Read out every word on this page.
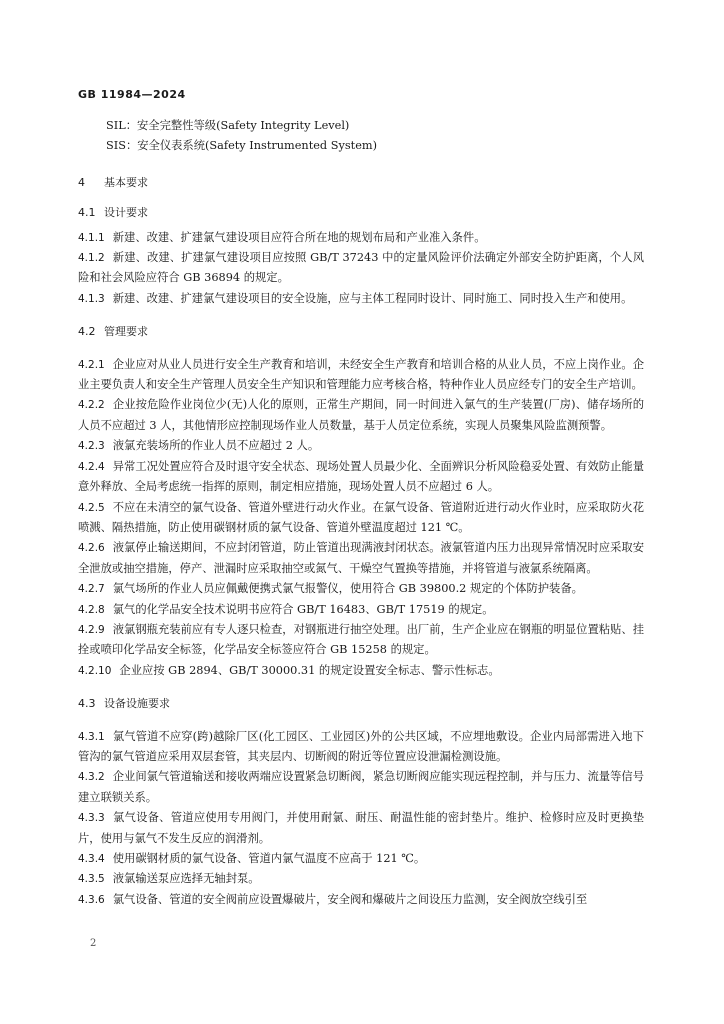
GB 11984—2024
SIL：安全完整性等级(Safety Integrity Level)
SIS：安全仪表系统(Safety Instrumented System)
4 基本要求
4.1 设计要求
4.1.1 新建、改建、扩建氯气建设项目应符合所在地的规划布局和产业准入条件。
4.1.2 新建、改建、扩建氯气建设项目应按照 GB/T 37243 中的定量风险评价法确定外部安全防护距离，个人风险和社会风险应符合 GB 36894 的规定。
4.1.3 新建、改建、扩建氯气建设项目的安全设施，应与主体工程同时设计、同时施工、同时投入生产和使用。
4.2 管理要求
4.2.1 企业应对从业人员进行安全生产教育和培训，未经安全生产教育和培训合格的从业人员，不应上岗作业。企业主要负责人和安全生产管理人员安全生产知识和管理能力应考核合格，特种作业人员应经专门的安全生产培训。
4.2.2 企业按危险作业岗位少(无)人化的原则，正常生产期间，同一时间进入氯气的生产装置(厂房)、储存场所的人员不应超过 3 人，其他情形应控制现场作业人员数量，基于人员定位系统，实现人员聚集风险监测预警。
4.2.3 液氯充装场所的作业人员不应超过 2 人。
4.2.4 异常工况处置应符合及时退守安全状态、现场处置人员最少化、全面辨识分析风险稳妥处置、有效防止能量意外释放、全局考虑统一指挥的原则，制定相应措施，现场处置人员不应超过 6 人。
4.2.5 不应在未清空的氯气设备、管道外壁进行动火作业。在氯气设备、管道附近进行动火作业时，应采取防火花喷溅、隔热措施，防止使用碳钢材质的氯气设备、管道外壁温度超过 121 ℃。
4.2.6 液氯停止输送期间，不应封闭管道，防止管道出现满液封闭状态。液氯管道内压力出现异常情况时应采取安全泄放或抽空措施，停产、泄漏时应采取抽空或氮气、干燥空气置换等措施，并将管道与液氯系统隔离。
4.2.7 氯气场所的作业人员应佩戴便携式氯气报警仪，使用符合 GB 39800.2 规定的个体防护装备。
4.2.8 氯气的化学品安全技术说明书应符合 GB/T 16483、GB/T 17519 的规定。
4.2.9 液氯钢瓶充装前应有专人逐只检查，对钢瓶进行抽空处理。出厂前，生产企业应在钢瓶的明显位置粘贴、挂拴或喷印化学品安全标签，化学品安全标签应符合 GB 15258 的规定。
4.2.10 企业应按 GB 2894、GB/T 30000.31 的规定设置安全标志、警示性标志。
4.3 设备设施要求
4.3.1 氯气管道不应穿(跨)越除厂区(化工园区、工业园区)外的公共区域，不应埋地敷设。企业内局部需进入地下管沟的氯气管道应采用双层套管，其夹层内、切断阀的附近等位置应设泄漏检测设施。
4.3.2 企业间氯气管道输送和接收两端应设置紧急切断阀，紧急切断阀应能实现远程控制，并与压力、流量等信号建立联锁关系。
4.3.3 氯气设备、管道应使用专用阀门，并使用耐氯、耐压、耐温性能的密封垫片。维护、检修时应及时更换垫片，使用与氯气不发生反应的润滑剂。
4.3.4 使用碳钢材质的氯气设备、管道内氯气温度不应高于 121 ℃。
4.3.5 液氯输送泵应选择无轴封泵。
4.3.6 氯气设备、管道的安全阀前应设置爆破片，安全阀和爆破片之间设压力监测，安全阀放空线引至
2
